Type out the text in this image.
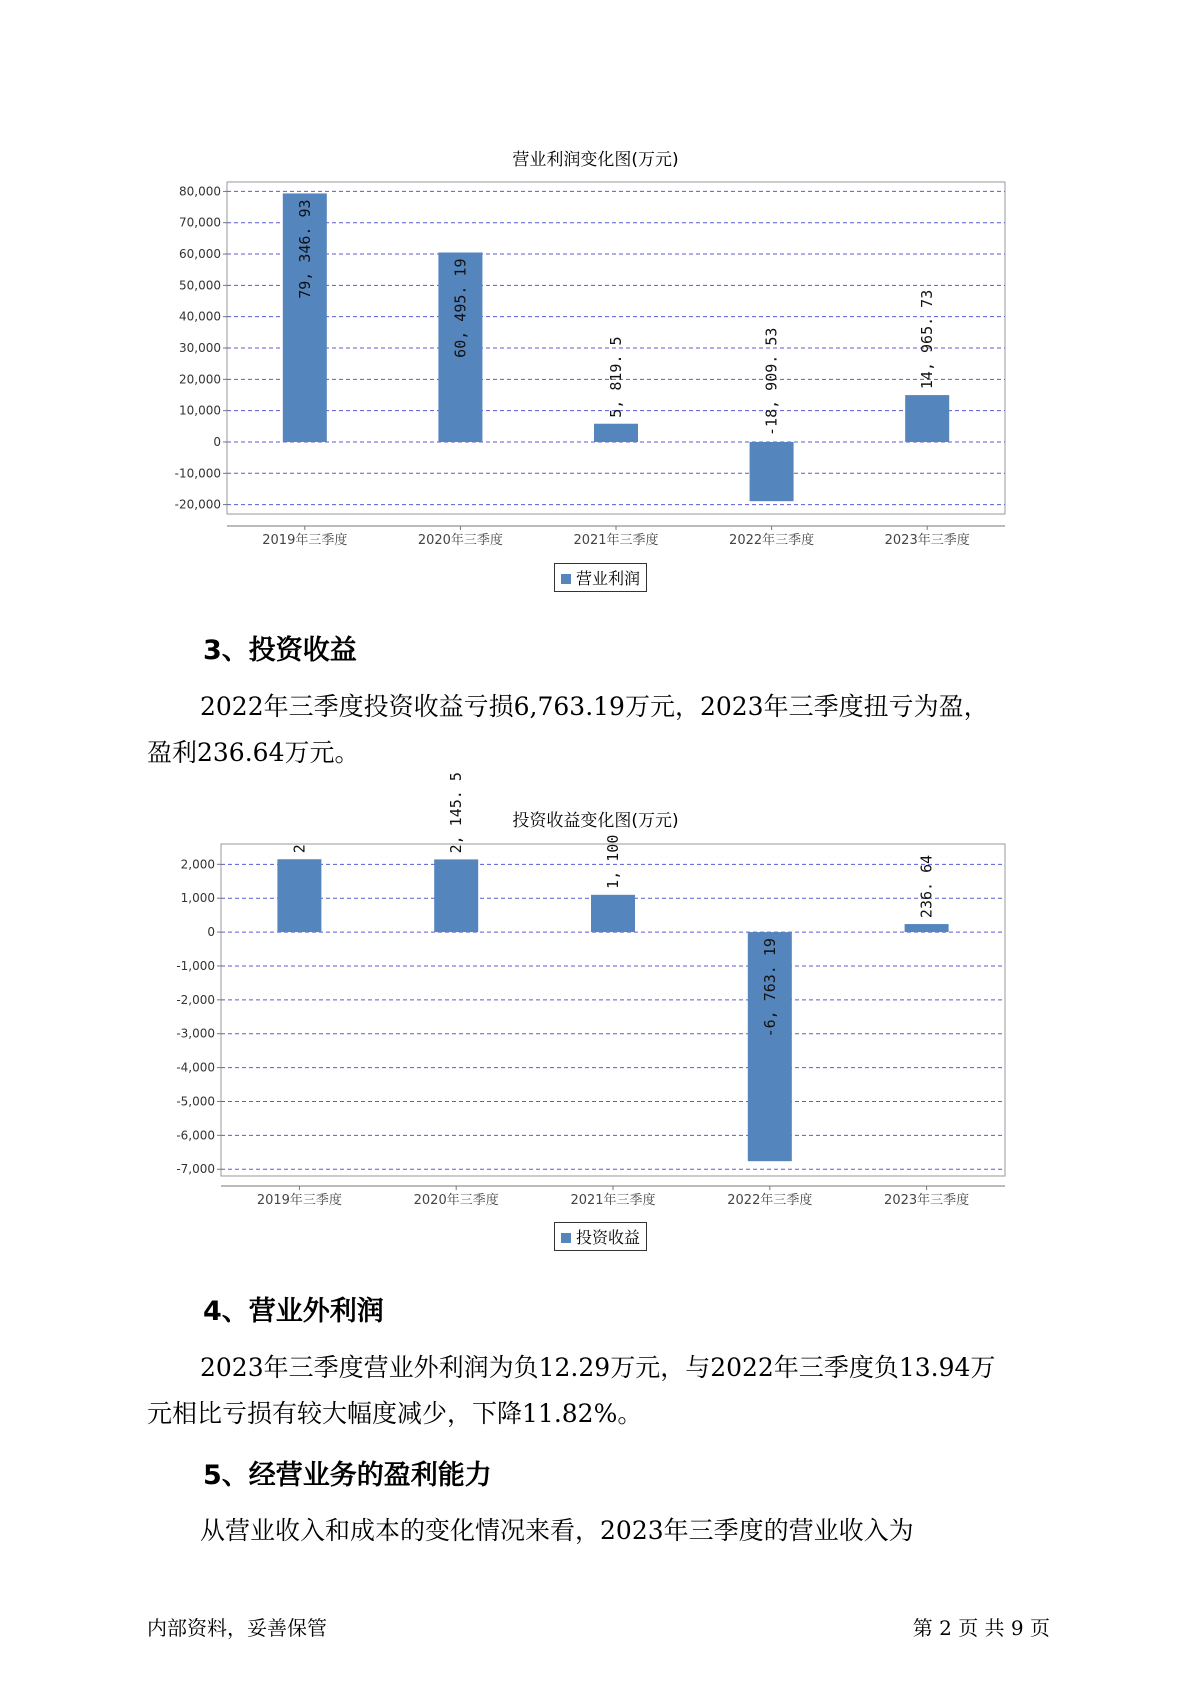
营业利润变化图(万元)
80,000
70,000
60,000
50,000
40,000
30,000
20,000
10,000
0
-10,000
-20,000
2019年三季度
79, 346. 93
2020年三季度
60, 495. 19
2021年三季度
5, 819. 5
2022年三季度
-18, 909. 53
2023年三季度
14, 965. 73
营业利润
3、投资收益

2022年三季度投资收益亏损6,763.19万元，2023年三季度扭亏为盈，
盈利236.64万元。

投资收益变化图(万元)
2,000
1,000
0
-1,000
-2,000
-3,000
-4,000
-5,000
-6,000
-7,000
2019年三季度
2
2020年三季度
2, 145. 5
2021年三季度
1, 100
2022年三季度
-6, 763. 19
2023年三季度
236. 64
投资收益
4、营业外利润

2023年三季度营业外利润为负12.29万元，与2022年三季度负13.94万
元相比亏损有较大幅度减少，下降11.82%。

5、经营业务的盈利能力

从营业收入和成本的变化情况来看，2023年三季度的营业收入为

内部资料，妥善保管	第 2 页 共 9 页
